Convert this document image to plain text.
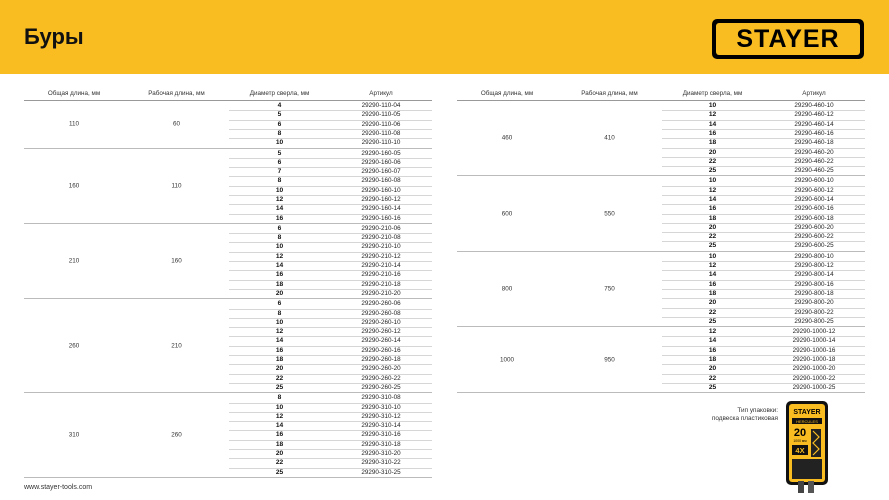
Буры	STAYER
Общая длина, мм	Рабочая длина, мм	Диаметр сверла, мм	Артикул
110	60
4	29290-110-04
5	29290-110-05
6	29290-110-06
8	29290-110-08
10	29290-110-10
160	110
5	29290-160-05
6	29290-160-06
7	29290-160-07
8	29290-160-08
10	29290-160-10
12	29290-160-12
14	29290-160-14
16	29290-160-16
210	160
6	29290-210-06
8	29290-210-08
10	29290-210-10
12	29290-210-12
14	29290-210-14
16	29290-210-16
18	29290-210-18
20	29290-210-20
260	210
6	29290-260-06
8	29290-260-08
10	29290-260-10
12	29290-260-12
14	29290-260-14
16	29290-260-16
18	29290-260-18
20	29290-260-20
22	29290-260-22
25	29290-260-25
310	260
8	29290-310-08
10	29290-310-10
12	29290-310-12
14	29290-310-14
16	29290-310-16
18	29290-310-18
20	29290-310-20
22	29290-310-22
25	29290-310-25
Общая длина, мм	Рабочая длина, мм	Диаметр сверла, мм	Артикул
460	410
10	29290-460-10
12	29290-460-12
14	29290-460-14
16	29290-460-16
18	29290-460-18
20	29290-460-20
22	29290-460-22
25	29290-460-25
600	550
10	29290-600-10
12	29290-600-12
14	29290-600-14
16	29290-600-16
18	29290-600-18
20	29290-600-20
22	29290-600-22
25	29290-600-25
800	750
10	29290-800-10
12	29290-800-12
14	29290-800-14
16	29290-800-16
18	29290-800-18
20	29290-800-20
22	29290-800-22
25	29290-800-25
1000	950
12	29290-1000-12
14	29290-1000-14
16	29290-1000-16
18	29290-1000-18
20	29290-1000-20
22	29290-1000-22
25	29290-1000-25
Тип упаковки:
подвеска пластиковая
STAYER
HERCULES
20
1000 мм
4X
www.stayer-tools.com
